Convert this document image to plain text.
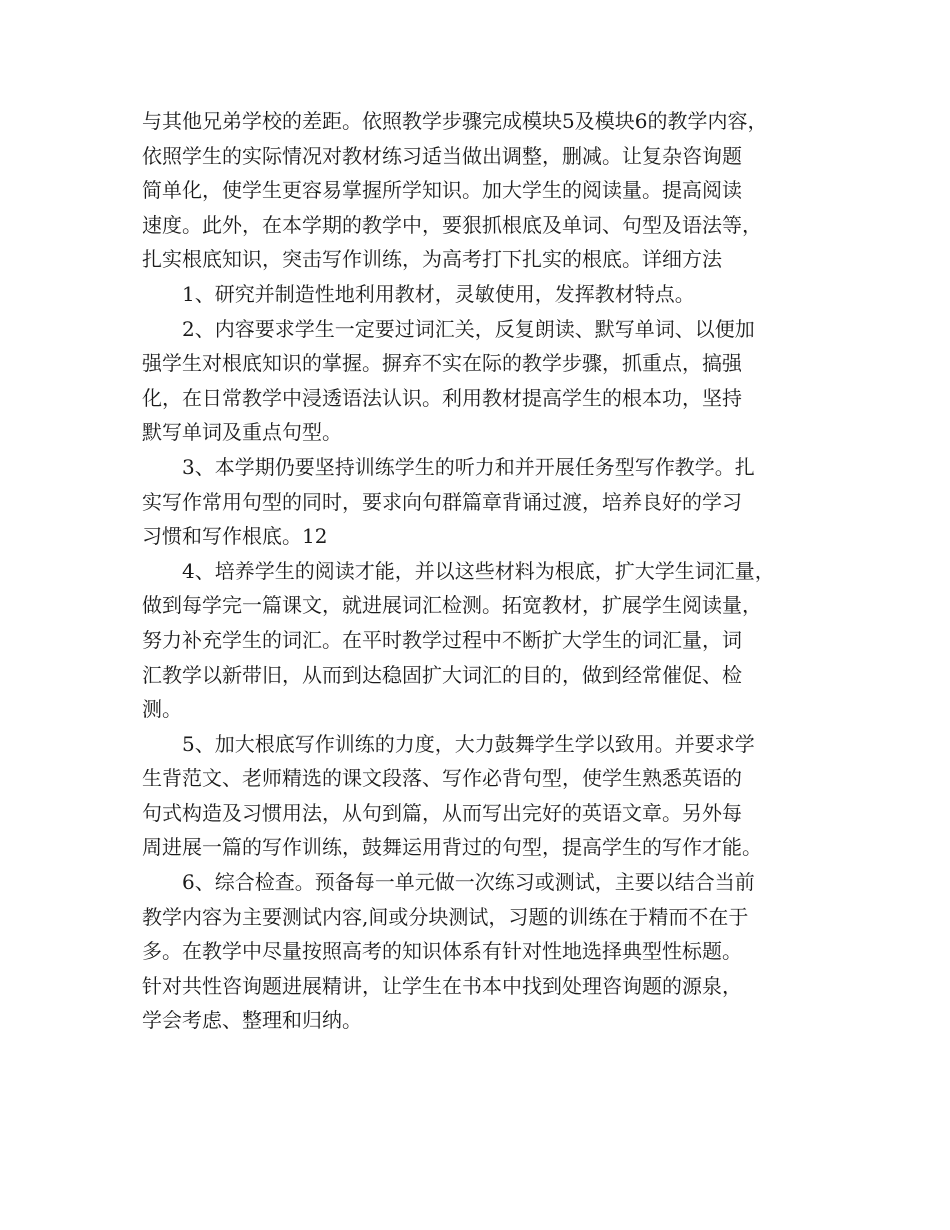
与其他兄弟学校的差距。依照教学步骤完成模块5及模块6的教学内容，
依照学生的实际情况对教材练习适当做出调整，删减。让复杂咨询题
简单化，使学生更容易掌握所学知识。加大学生的阅读量。提高阅读
速度。此外，在本学期的教学中，要狠抓根底及单词、句型及语法等，
扎实根底知识，突击写作训练，为高考打下扎实的根底。详细方法
1、研究并制造性地利用教材，灵敏使用，发挥教材特点。
2、内容要求学生一定要过词汇关，反复朗读、默写单词、以便加
强学生对根底知识的掌握。摒弃不实在际的教学步骤，抓重点，搞强
化，在日常教学中浸透语法认识。利用教材提高学生的根本功，坚持
默写单词及重点句型。
3、本学期仍要坚持训练学生的听力和并开展任务型写作教学。扎
实写作常用句型的同时，要求向句群篇章背诵过渡，培养良好的学习
习惯和写作根底。12
4、培养学生的阅读才能，并以这些材料为根底，扩大学生词汇量，
做到每学完一篇课文，就进展词汇检测。拓宽教材，扩展学生阅读量，
努力补充学生的词汇。在平时教学过程中不断扩大学生的词汇量，词
汇教学以新带旧，从而到达稳固扩大词汇的目的，做到经常催促、检
测。
5、加大根底写作训练的力度，大力鼓舞学生学以致用。并要求学
生背范文、老师精选的课文段落、写作必背句型，使学生熟悉英语的
句式构造及习惯用法，从句到篇，从而写出完好的英语文章。另外每
周进展一篇的写作训练，鼓舞运用背过的句型，提高学生的写作才能。
6、综合检查。预备每一单元做一次练习或测试，主要以结合当前
教学内容为主要测试内容,间或分块测试，习题的训练在于精而不在于
多。在教学中尽量按照高考的知识体系有针对性地选择典型性标题。
针对共性咨询题进展精讲，让学生在书本中找到处理咨询题的源泉，
学会考虑、整理和归纳。
